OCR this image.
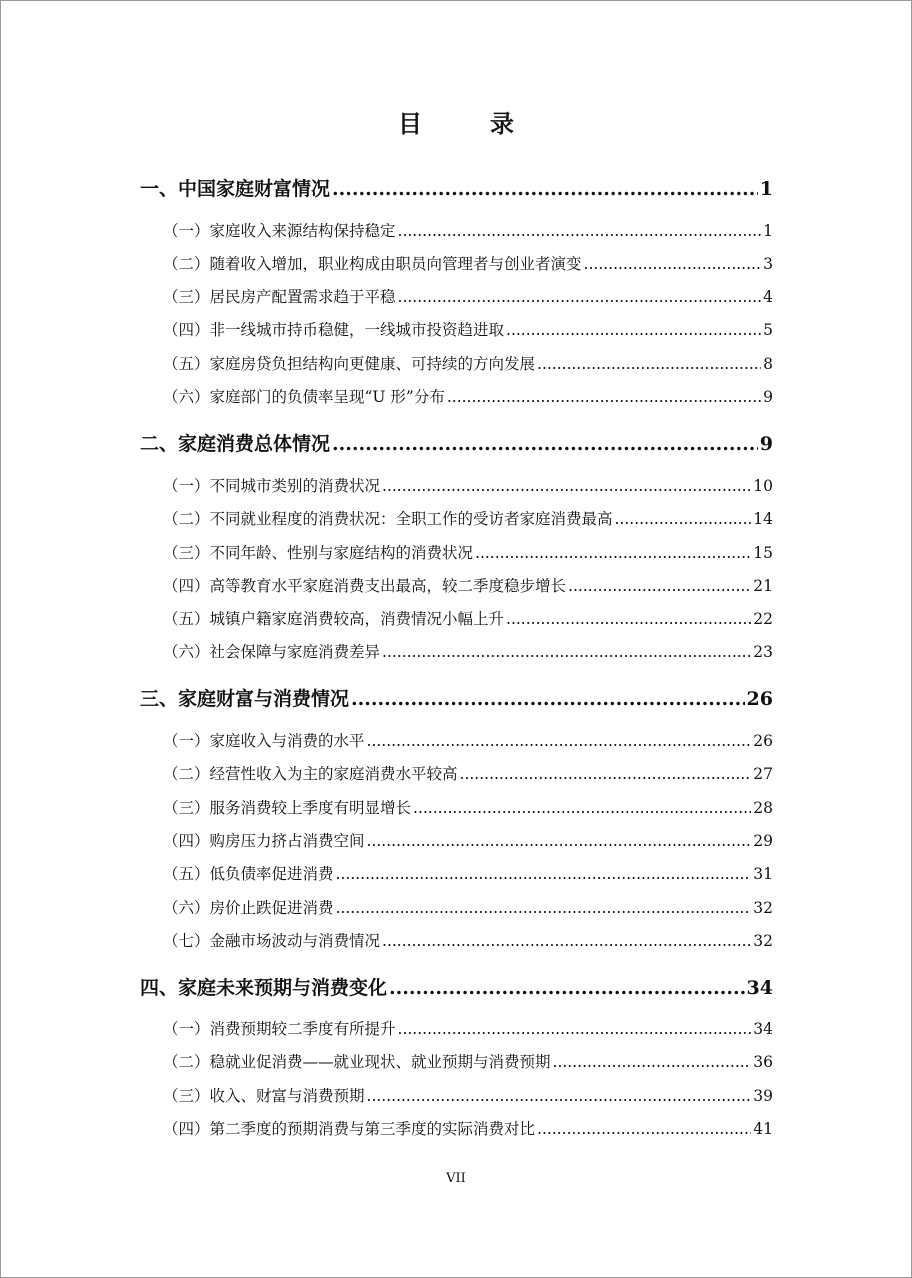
目　录
一、中国家庭财富情况 .....	1
（一）家庭收入来源结构保持稳定 .....	1
（二）随着收入增加，职业构成由职员向管理者与创业者演变 .....	3
（三）居民房产配置需求趋于平稳 .....	4
（四）非一线城市持币稳健，一线城市投资趋进取 .....	5
（五）家庭房贷负担结构向更健康、可持续的方向发展 .....	8
（六）家庭部门的负债率呈现“U 形”分布 .....	9
二、家庭消费总体情况 .....	9
（一）不同城市类别的消费状况 .....	10
（二）不同就业程度的消费状况：全职工作的受访者家庭消费最高 .....	14
（三）不同年龄、性别与家庭结构的消费状况 .....	15
（四）高等教育水平家庭消费支出最高，较二季度稳步增长 .....	21
（五）城镇户籍家庭消费较高，消费情况小幅上升 .....	22
（六）社会保障与家庭消费差异 .....	23
三、家庭财富与消费情况 .....	26
（一）家庭收入与消费的水平 .....	26
（二）经营性收入为主的家庭消费水平较高 .....	27
（三）服务消费较上季度有明显增长 .....	28
（四）购房压力挤占消费空间 .....	29
（五）低负债率促进消费 .....	31
（六）房价止跌促进消费 .....	32
（七）金融市场波动与消费情况 .....	32
四、家庭未来预期与消费变化 .....	34
（一）消费预期较二季度有所提升 .....	34
（二）稳就业促消费——就业现状、就业预期与消费预期 .....	36
（三）收入、财富与消费预期 .....	39
（四）第二季度的预期消费与第三季度的实际消费对比 .....	41
VII
